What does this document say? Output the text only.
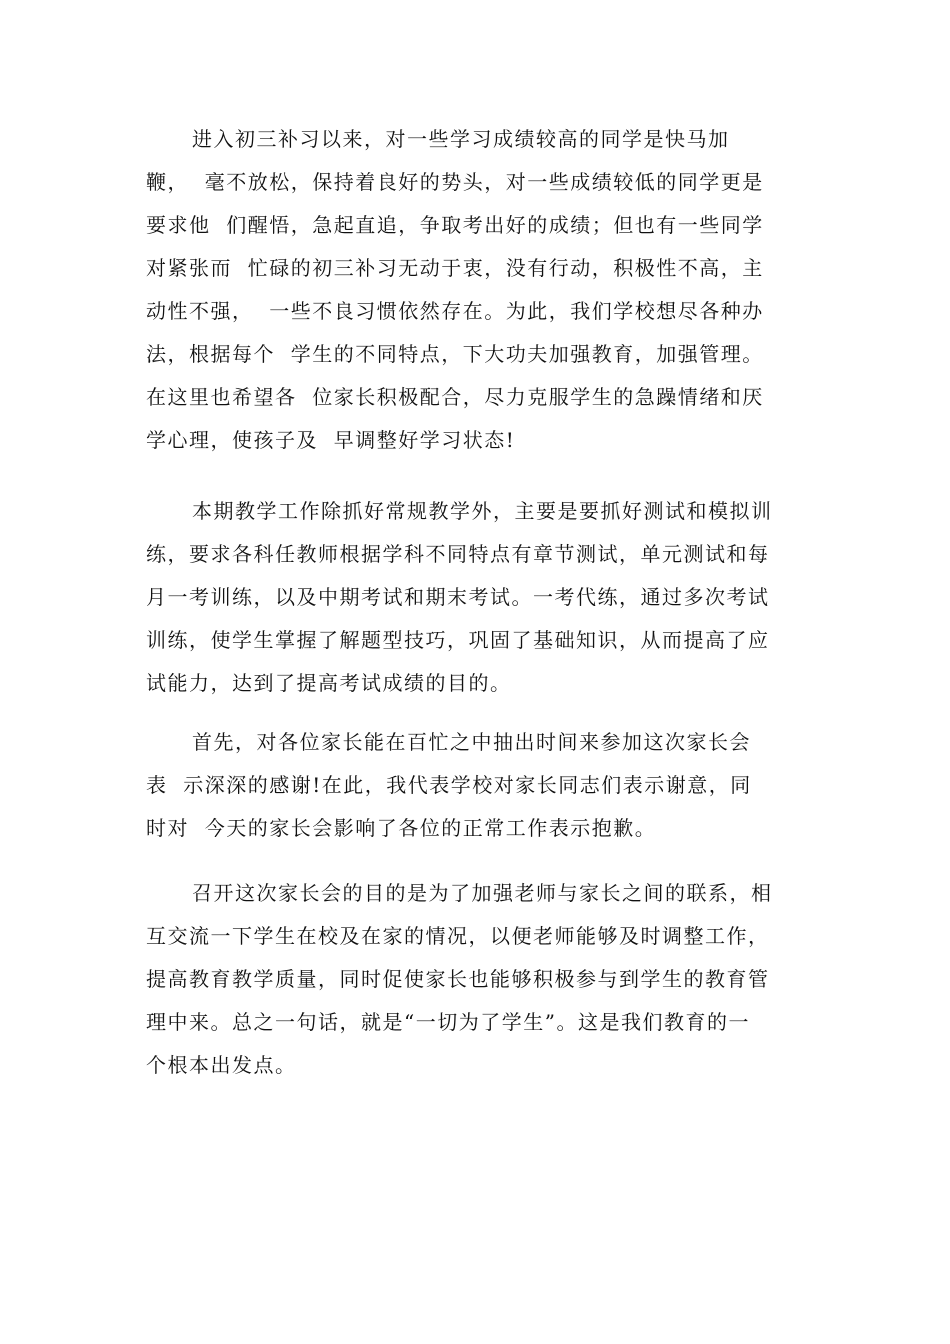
进入初三补习以来，对一些学习成绩较高的同学是快马加
鞭，  毫不放松，保持着良好的势头，对一些成绩较低的同学更是
要求他  们醒悟，急起直追，争取考出好的成绩；但也有一些同学
对紧张而  忙碌的初三补习无动于衷，没有行动，积极性不高，主
动性不强，  一些不良习惯依然存在。为此，我们学校想尽各种办
法，根据每个  学生的不同特点，下大功夫加强教育，加强管理。
在这里也希望各  位家长积极配合，尽力克服学生的急躁情绪和厌
学心理，使孩子及  早调整好学习状态!
本期教学工作除抓好常规教学外，主要是要抓好测试和模拟训
练，要求各科任教师根据学科不同特点有章节测试，单元测试和每
月一考训练，以及中期考试和期末考试。一考代练，通过多次考试
训练，使学生掌握了解题型技巧，巩固了基础知识，从而提高了应
试能力，达到了提高考试成绩的目的。
首先，对各位家长能在百忙之中抽出时间来参加这次家长会
表  示深深的感谢!在此，我代表学校对家长同志们表示谢意，同
时对  今天的家长会影响了各位的正常工作表示抱歉。
召开这次家长会的目的是为了加强老师与家长之间的联系，相
互交流一下学生在校及在家的情况，以便老师能够及时调整工作，
提高教育教学质量，同时促使家长也能够积极参与到学生的教育管
理中来。总之一句话，就是“一切为了学生”。这是我们教育的一
个根本出发点。
